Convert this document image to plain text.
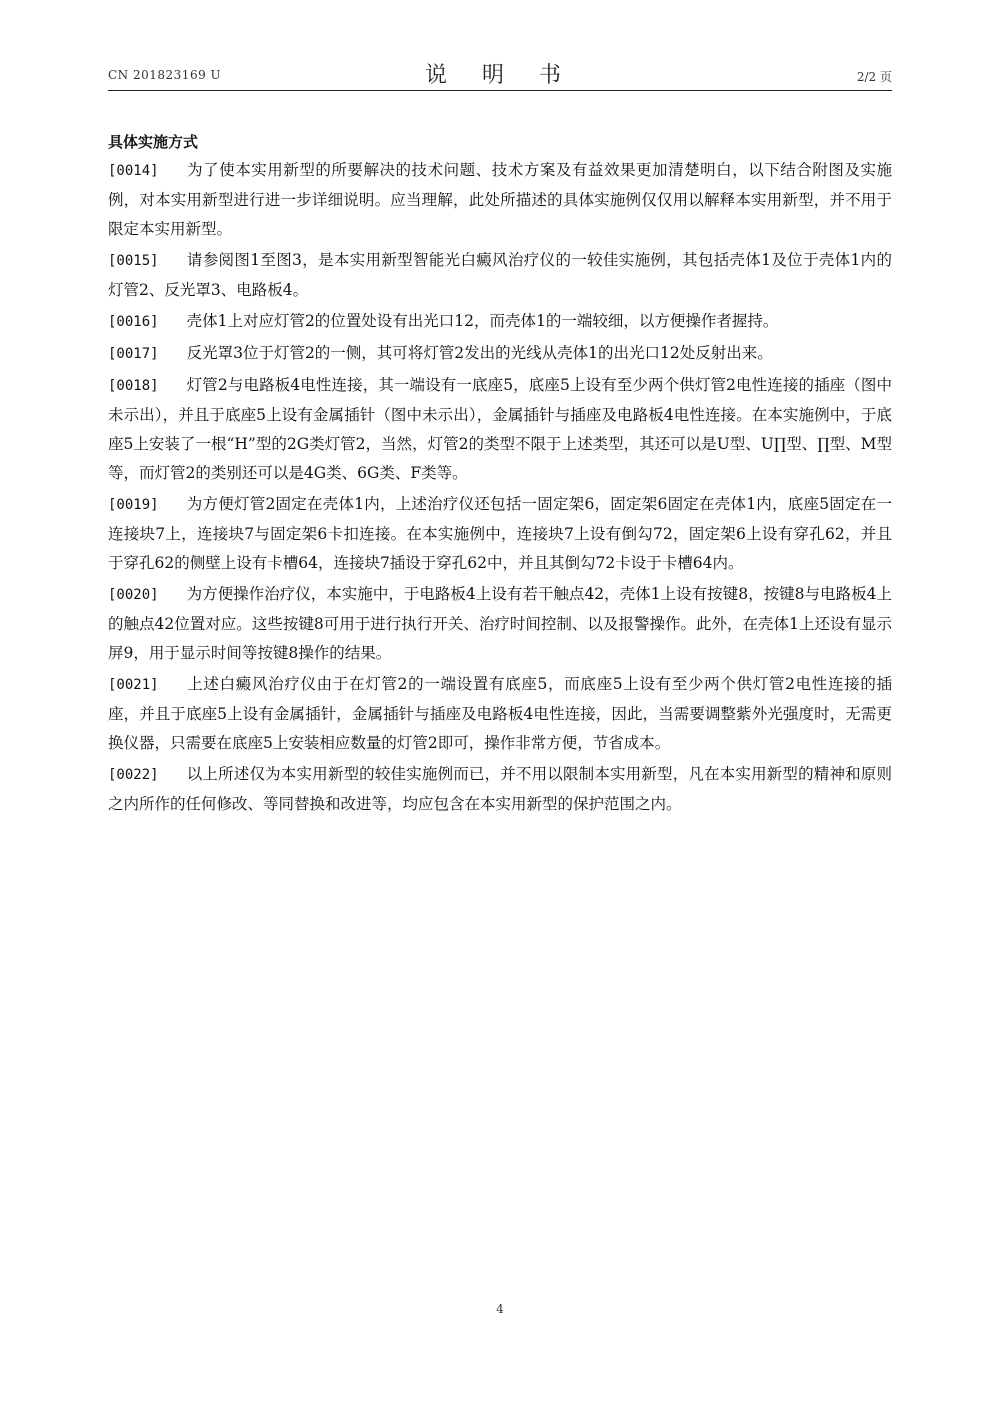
CN 201823169 U	说 明 书	2/2 页
具体实施方式

[0014] 为了使本实用新型的所要解决的技术问题、技术方案及有益效果更加清楚明白，以下结合附图及实施例，对本实用新型进行进一步详细说明。应当理解，此处所描述的具体实施例仅仅用以解释本实用新型，并不用于限定本实用新型。

[0015] 请参阅图1至图3，是本实用新型智能光白癜风治疗仪的一较佳实施例，其包括壳体1及位于壳体1内的灯管2、反光罩3、电路板4。

[0016] 壳体1上对应灯管2的位置处设有出光口12，而壳体1的一端较细，以方便操作者握持。

[0017] 反光罩3位于灯管2的一侧，其可将灯管2发出的光线从壳体1的出光口12处反射出来。

[0018] 灯管2与电路板4电性连接，其一端设有一底座5，底座5上设有至少两个供灯管2电性连接的插座（图中未示出），并且于底座5上设有金属插针（图中未示出），金属插针与插座及电路板4电性连接。在本实施例中，于底座5上安装了一根“H”型的2G类灯管2，当然，灯管2的类型不限于上述类型，其还可以是U型、U∏型、∏型、M型等，而灯管2的类别还可以是4G类、6G类、F类等。

[0019] 为方便灯管2固定在壳体1内，上述治疗仪还包括一固定架6，固定架6固定在壳体1内，底座5固定在一连接块7上，连接块7与固定架6卡扣连接。在本实施例中，连接块7上设有倒勾72，固定架6上设有穿孔62，并且于穿孔62的侧壁上设有卡槽64，连接块7插设于穿孔62中，并且其倒勾72卡设于卡槽64内。

[0020] 为方便操作治疗仪，本实施中，于电路板4上设有若干触点42，壳体1上设有按键8，按键8与电路板4上的触点42位置对应。这些按键8可用于进行执行开关、治疗时间控制、以及报警操作。此外，在壳体1上还设有显示屏9，用于显示时间等按键8操作的结果。

[0021] 上述白癜风治疗仪由于在灯管2的一端设置有底座5，而底座5上设有至少两个供灯管2电性连接的插座，并且于底座5上设有金属插针，金属插针与插座及电路板4电性连接，因此，当需要调整紫外光强度时，无需更换仪器，只需要在底座5上安装相应数量的灯管2即可，操作非常方便，节省成本。

[0022] 以上所述仅为本实用新型的较佳实施例而已，并不用以限制本实用新型，凡在本实用新型的精神和原则之内所作的任何修改、等同替换和改进等，均应包含在本实用新型的保护范围之内。

4
